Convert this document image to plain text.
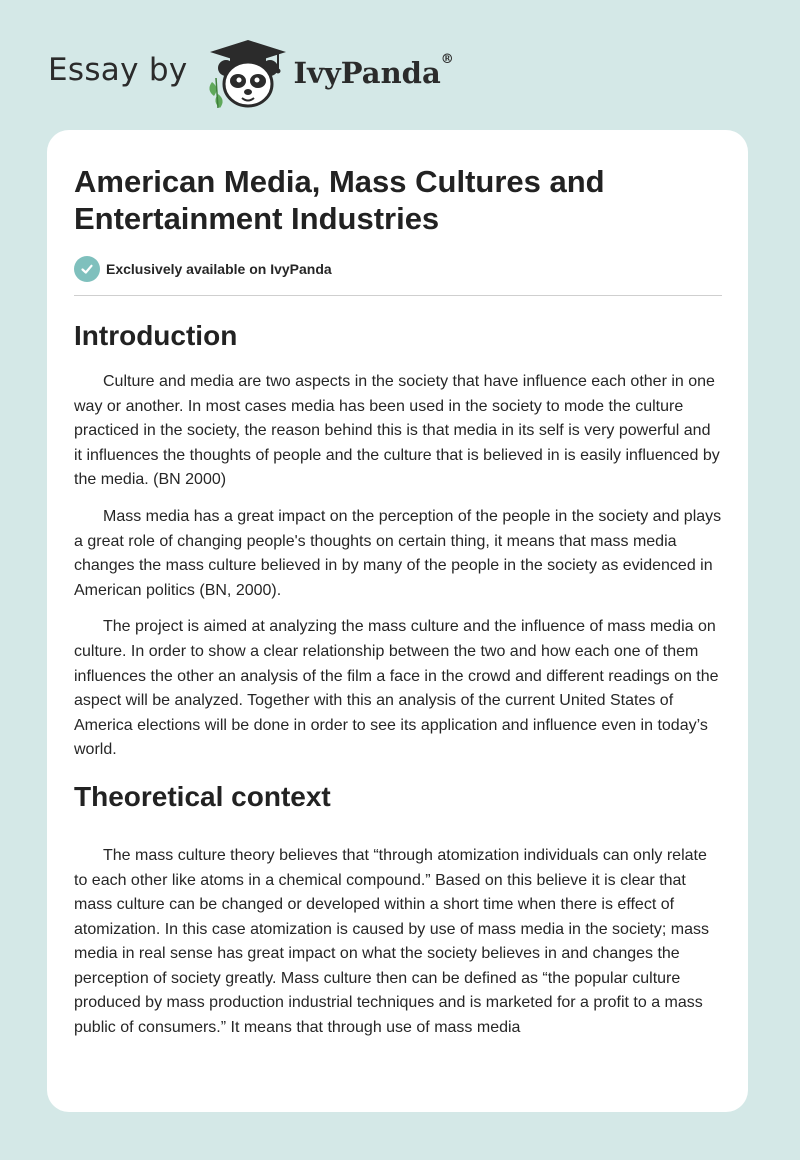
Essay by	IvyPanda®
American Media, Mass Cultures and Entertainment Industries
Exclusively available on IvyPanda
Introduction

Culture and media are two aspects in the society that have influence each other in one way or another. In most cases media has been used in the society to mode the culture practiced in the society, the reason behind this is that media in its self is very powerful and it influences the thoughts of people and the culture that is believed in is easily influenced by the media. (BN 2000)

Mass media has a great impact on the perception of the people in the society and plays a great role of changing people's thoughts on certain thing, it means that mass media changes the mass culture believed in by many of the people in the society as evidenced in American politics (BN, 2000).

The project is aimed at analyzing the mass culture and the influence of mass media on culture. In order to show a clear relationship between the two and how each one of them influences the other an analysis of the film a face in the crowd and different readings on the aspect will be analyzed. Together with this an analysis of the current United States of America elections will be done in order to see its application and influence even in today’s world.

Theoretical context

The mass culture theory believes that “through atomization individuals can only relate to each other like atoms in a chemical compound.” Based on this believe it is clear that mass culture can be changed or developed within a short time when there is effect of atomization. In this case atomization is caused by use of mass media in the society; mass media in real sense has great impact on what the society believes in and changes the perception of society greatly. Mass culture then can be defined as “the popular culture produced by mass production industrial techniques and is marketed for a profit to a mass public of consumers.” It means that through use of mass media
